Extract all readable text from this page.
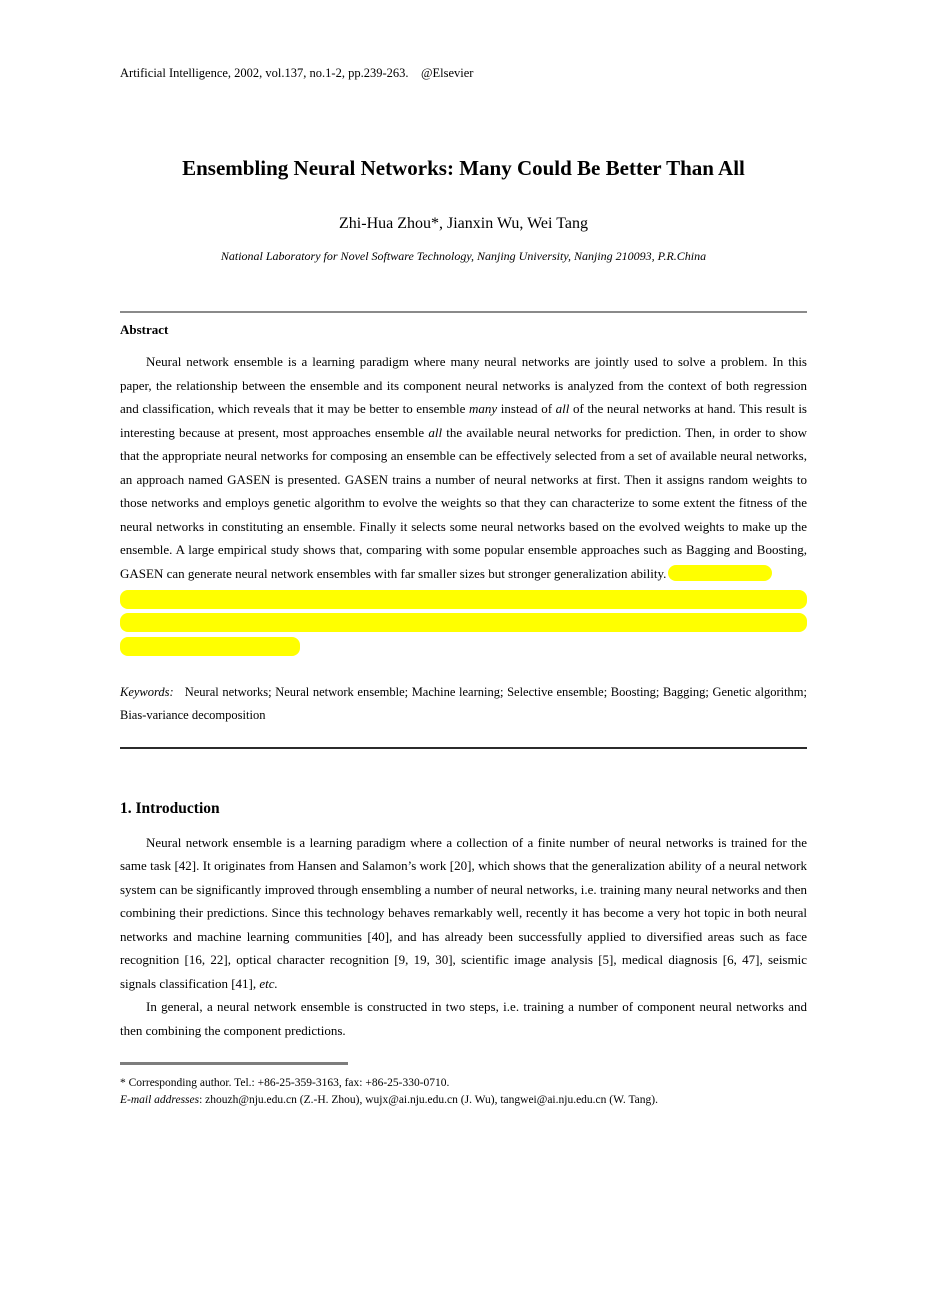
Artificial Intelligence, 2002, vol.137, no.1-2, pp.239-263.    @Elsevier
Ensembling Neural Networks: Many Could Be Better Than All
Zhi-Hua Zhou*, Jianxin Wu, Wei Tang
National Laboratory for Novel Software Technology, Nanjing University, Nanjing 210093, P.R.China
Abstract

Neural network ensemble is a learning paradigm where many neural networks are jointly used to solve a problem. In this paper, the relationship between the ensemble and its component neural networks is analyzed from the context of both regression and classification, which reveals that it may be better to ensemble many instead of all of the neural networks at hand. This result is interesting because at present, most approaches ensemble all the available neural networks for prediction. Then, in order to show that the appropriate neural networks for composing an ensemble can be effectively selected from a set of available neural networks, an approach named GASEN is presented. GASEN trains a number of neural networks at first. Then it assigns random weights to those networks and employs genetic algorithm to evolve the weights so that they can characterize to some extent the fitness of the neural networks in constituting an ensemble. Finally it selects some neural networks based on the evolved weights to make up the ensemble. A large empirical study shows that, comparing with some popular ensemble approaches such as Bagging and Boosting, GASEN can generate neural network ensembles with far smaller sizes but stronger generalization ability.

Keywords: Neural networks; Neural network ensemble; Machine learning; Selective ensemble; Boosting; Bagging; Genetic algorithm; Bias-variance decomposition

1. Introduction

Neural network ensemble is a learning paradigm where a collection of a finite number of neural networks is trained for the same task [42]. It originates from Hansen and Salamon’s work [20], which shows that the generalization ability of a neural network system can be significantly improved through ensembling a number of neural networks, i.e. training many neural networks and then combining their predictions. Since this technology behaves remarkably well, recently it has become a very hot topic in both neural networks and machine learning communities [40], and has already been successfully applied to diversified areas such as face recognition [16, 22], optical character recognition [9, 19, 30], scientific image analysis [5], medical diagnosis [6, 47], seismic signals classification [41], etc.

In general, a neural network ensemble is constructed in two steps, i.e. training a number of component neural networks and then combining the component predictions.

* Corresponding author. Tel.: +86-25-359-3163, fax: +86-25-330-0710.
E-mail addresses: zhouzh@nju.edu.cn (Z.-H. Zhou), wujx@ai.nju.edu.cn (J. Wu), tangwei@ai.nju.edu.cn (W. Tang).
